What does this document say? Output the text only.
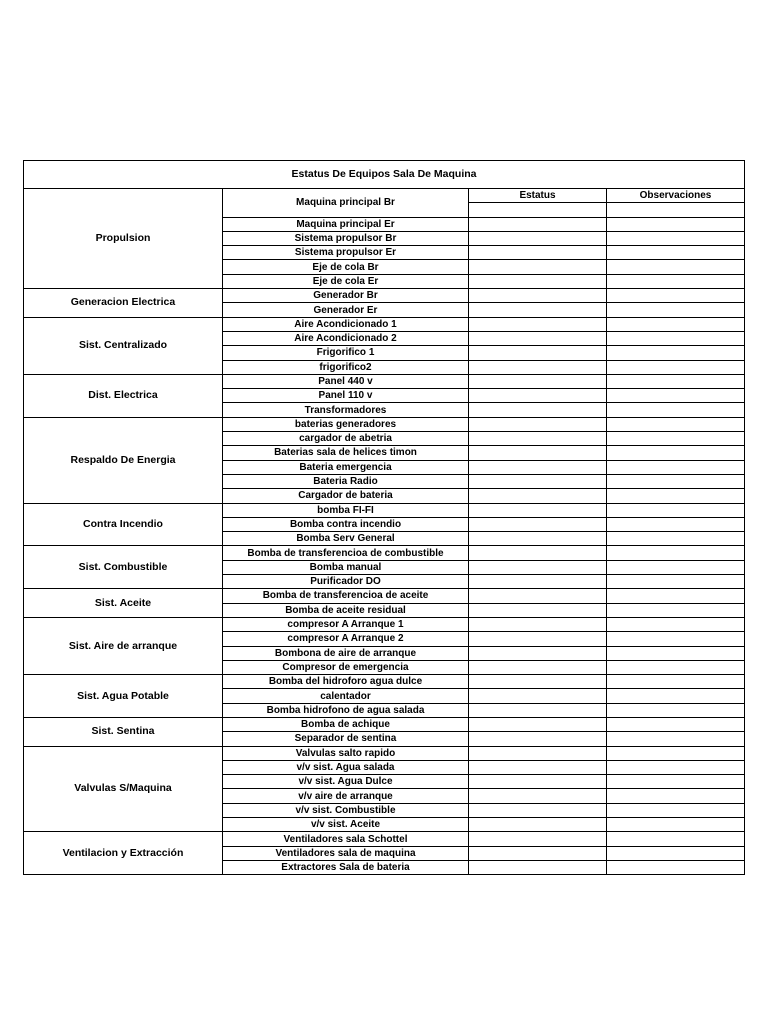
Estatus De Equipos Sala De Maquina			
Propulsion	Maquina principal Br	Estatus	Observaciones

	Maquina principal Er		
	Sistema propulsor Br		
	Sistema propulsor Er		
	Eje de cola Br		
	Eje de cola Er		
Generacion Electrica	Generador Br		
	Generador Er		
Sist. Centralizado	Aire Acondicionado 1		
	Aire Acondicionado 2		
	Frigorifico 1		
	frigorifico2		
Dist. Electrica	Panel 440 v		
	Panel 110 v		
	Transformadores		
Respaldo De Energia	baterias generadores		
	cargador de abetria		
	Baterias sala de helices timon		
	Bateria emergencia		
	Bateria Radio		
	Cargador de bateria		
Contra Incendio	bomba FI-FI		
	Bomba contra incendio		
	Bomba Serv General		
Sist. Combustible	Bomba de transferencioa de combustible		
	Bomba manual		
	Purificador DO		
Sist. Aceite	Bomba de transferencioa de aceite		
	Bomba de aceite residual		
Sist. Aire de arranque	compresor A Arranque 1		
	compresor A Arranque 2		
	Bombona de aire de arranque		
	Compresor de emergencia		
Sist. Agua Potable	Bomba del hidroforo agua dulce		
	calentador		
	Bomba hidrofono de agua salada		
Sist. Sentina	Bomba de achique		
	Separador de sentina		
Valvulas S/Maquina	Valvulas salto rapido		
	v/v sist. Agua salada		
	v/v sist. Agua Dulce		
	v/v aire de arranque		
	v/v sist. Combustible		
	v/v sist. Aceite		
Ventilacion y Extracción	Ventiladores sala Schottel		
	Ventiladores sala de maquina		
	Extractores Sala de bateria		
